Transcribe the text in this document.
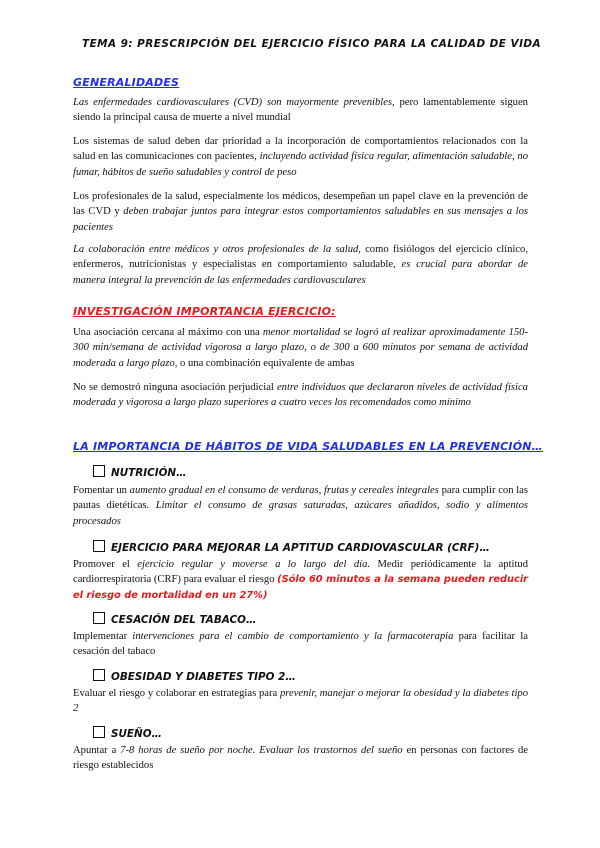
TEMA 9: PRESCRIPCIÓN DEL EJERCICIO FÍSICO PARA LA CALIDAD DE VIDA
GENERALIDADES
Las enfermedades cardiovasculares (CVD) son mayormente prevenibles, pero lamentablemente siguen siendo la principal causa de muerte a nivel mundial
Los sistemas de salud deben dar prioridad a la incorporación de comportamientos relacionados con la salud en las comunicaciones con pacientes, incluyendo actividad física regular, alimentación saludable, no fumar, hábitos de sueño saludables y control de peso
Los profesionales de la salud, especialmente los médicos, desempeñan un papel clave en la prevención de las CVD y deben trabajar juntos para integrar estos comportamientos saludables en sus mensajes a los pacientes
La colaboración entre médicos y otros profesionales de la salud, como fisiólogos del ejercicio clínico, enfermeros, nutricionistas y especialistas en comportamiento saludable, es crucial para abordar de manera integral la prevención de las enfermedades cardiovasculares
INVESTIGACIÓN IMPORTANCIA EJERCICIO:
Una asociación cercana al máximo con una menor mortalidad se logró al realizar aproximadamente 150-300 min/semana de actividad vigorosa a largo plazo, o de 300 a 600 minutos por semana de actividad moderada a largo plazo, o una combinación equivalente de ambas
No se demostró ninguna asociación perjudicial entre individuos que declararon niveles de actividad física moderada y vigorosa a largo plazo superiores a cuatro veces los recomendados como mínimo
LA IMPORTANCIA DE HÁBITOS DE VIDA SALUDABLES EN LA PREVENCIÓN…
NUTRICIÓN…
Fomentar un aumento gradual en el consumo de verduras, frutas y cereales integrales para cumplir con las pautas dietéticas. Limitar el consumo de grasas saturadas, azúcares añadidos, sodio y alimentos procesados
EJERCICIO PARA MEJORAR LA APTITUD CARDIOVASCULAR (CRF)…
Promover el ejercicio regular y moverse a lo largo del día. Medir periódicamente la aptitud cardiorrespiratoria (CRF) para evaluar el riesgo (Sólo 60 minutos a la semana pueden reducir el riesgo de mortalidad en un 27%)
CESACIÓN DEL TABACO…
Implementar intervenciones para el cambio de comportamiento y la farmacoterapia para facilitar la cesación del tabaco
OBESIDAD Y DIABETES TIPO 2…
Evaluar el riesgo y colaborar en estrategias para prevenir, manejar o mejorar la obesidad y la diabetes tipo 2
SUEÑO…
Apuntar a 7-8 horas de sueño por noche. Evaluar los trastornos del sueño en personas con factores de riesgo establecidos
